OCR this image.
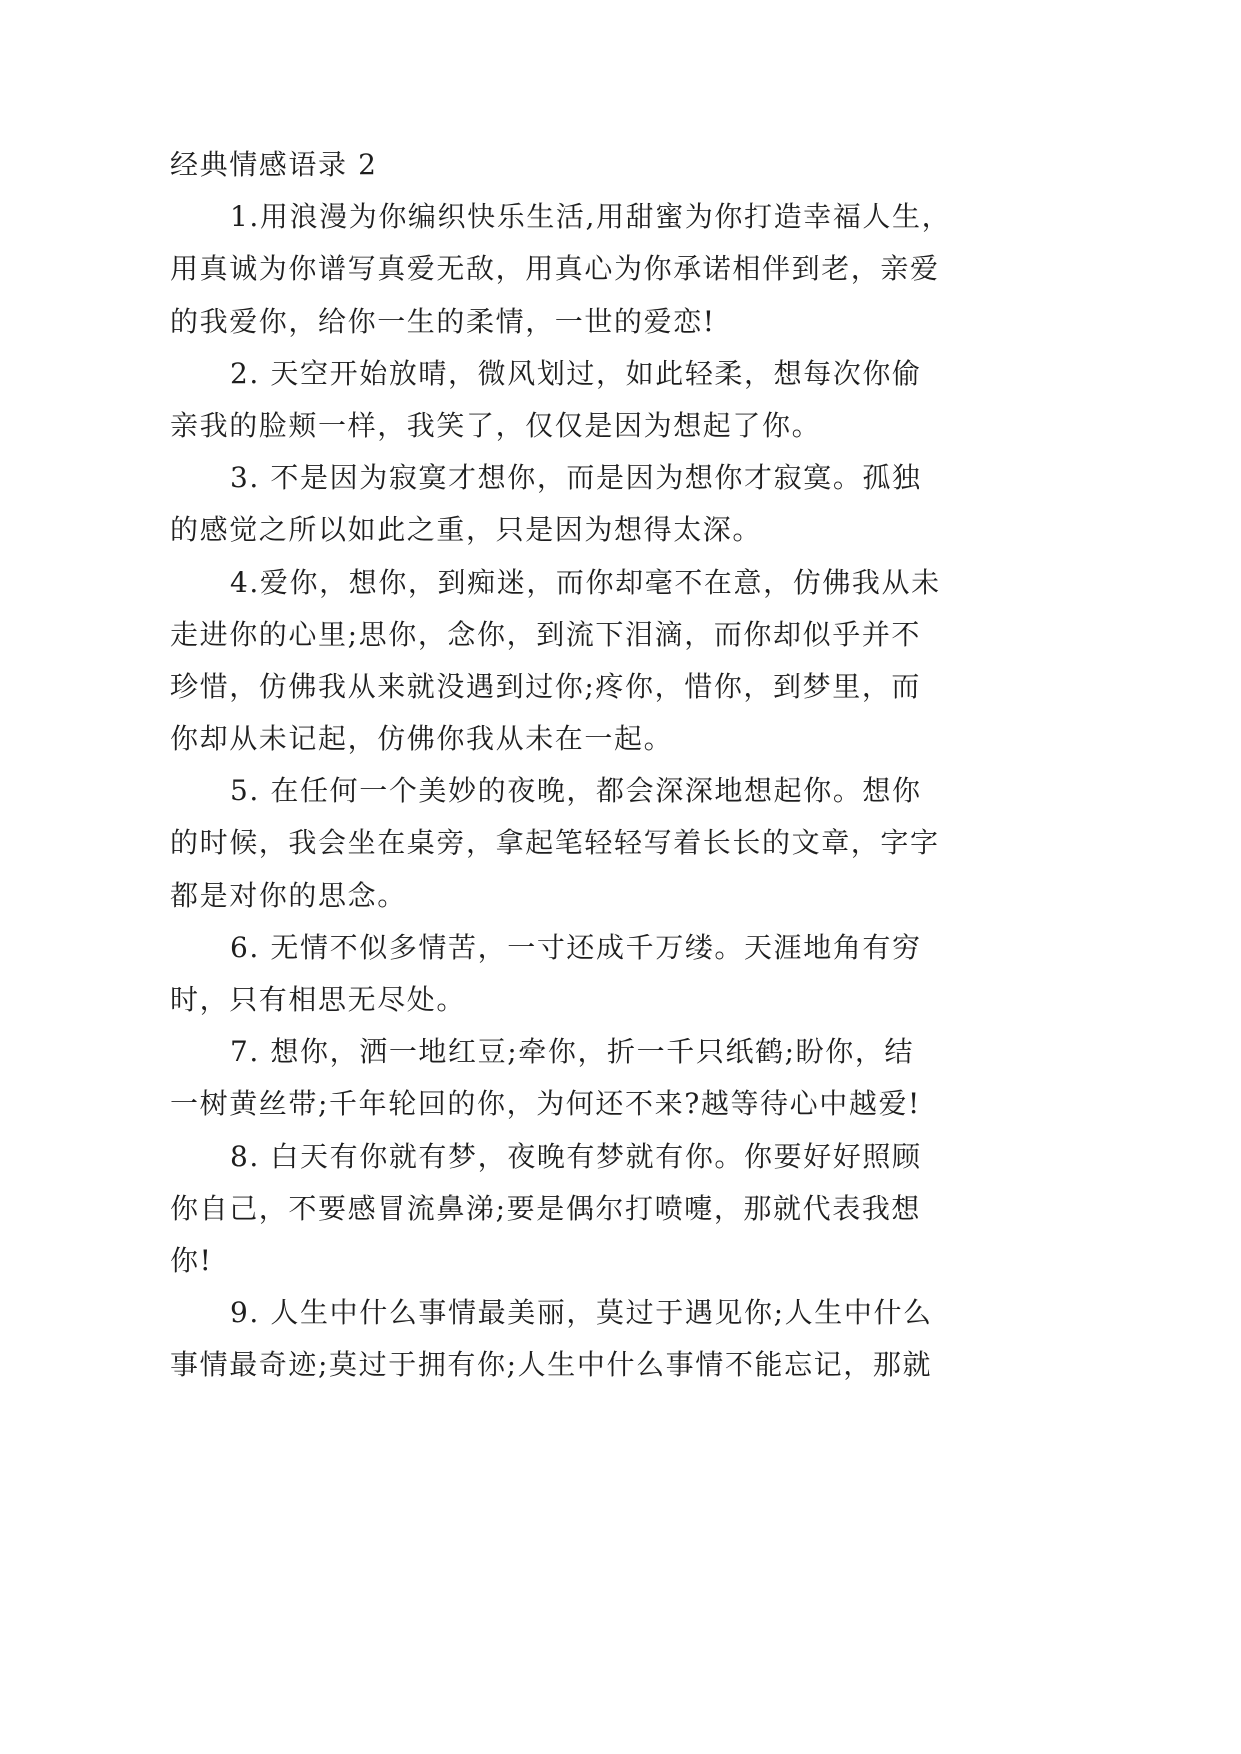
经典情感语录 2
1.用浪漫为你编织快乐生活,用甜蜜为你打造幸福人生，
用真诚为你谱写真爱无敌，用真心为你承诺相伴到老，亲爱
的我爱你，给你一生的柔情，一世的爱恋!
2. 天空开始放晴，微风划过，如此轻柔，想每次你偷
亲我的脸颊一样，我笑了，仅仅是因为想起了你。
3. 不是因为寂寞才想你，而是因为想你才寂寞。孤独
的感觉之所以如此之重，只是因为想得太深。
4.爱你，想你，到痴迷，而你却毫不在意，仿佛我从未
走进你的心里;思你，念你，到流下泪滴，而你却似乎并不
珍惜，仿佛我从来就没遇到过你;疼你，惜你，到梦里，而
你却从未记起，仿佛你我从未在一起。
5. 在任何一个美妙的夜晚，都会深深地想起你。想你
的时候，我会坐在桌旁，拿起笔轻轻写着长长的文章，字字
都是对你的思念。
6. 无情不似多情苦，一寸还成千万缕。天涯地角有穷
时，只有相思无尽处。
7. 想你，洒一地红豆;牵你，折一千只纸鹤;盼你，结
一树黄丝带;千年轮回的你，为何还不来?越等待心中越爱!
8. 白天有你就有梦，夜晚有梦就有你。你要好好照顾
你自己，不要感冒流鼻涕;要是偶尔打喷嚏，那就代表我想
你!
9. 人生中什么事情最美丽，莫过于遇见你;人生中什么
事情最奇迹;莫过于拥有你;人生中什么事情不能忘记，那就
